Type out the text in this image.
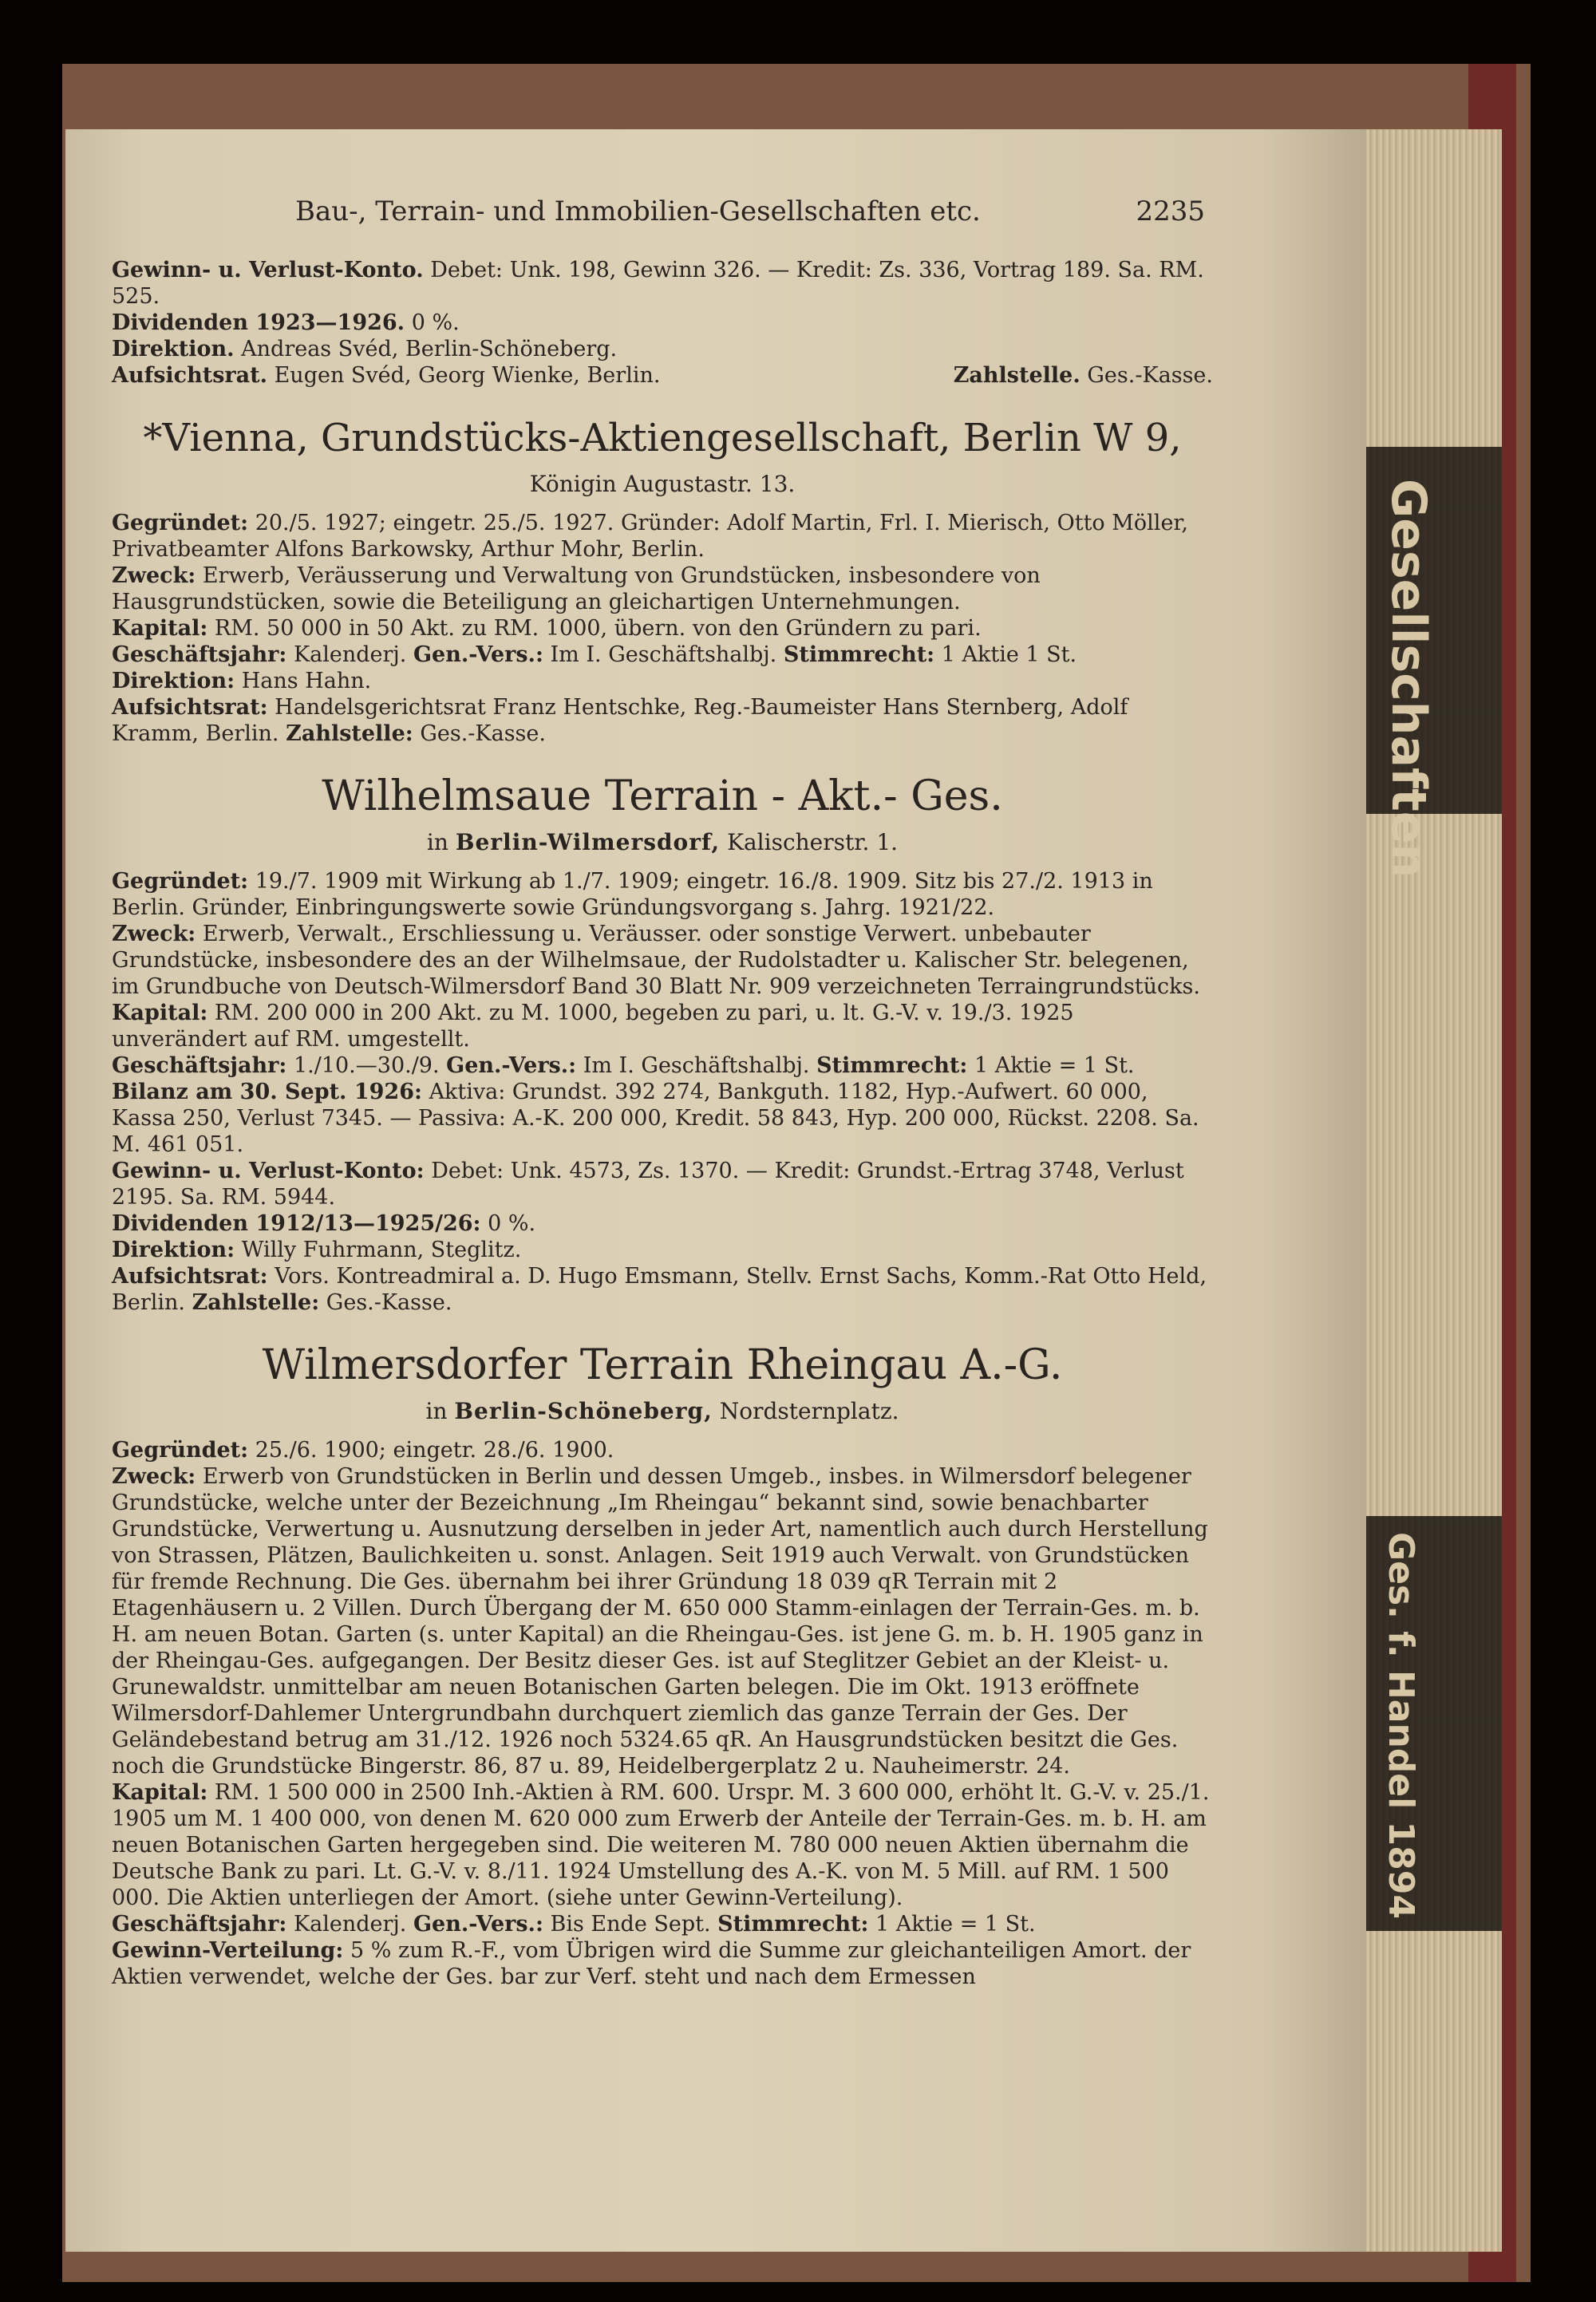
Gesellschaften
Ges. f. Handel 1894
Bau-, Terrain- und Immobilien-Gesellschaften etc.	2235

Gewinn- u. Verlust-Konto. Debet: Unk. 198, Gewinn 326. — Kredit: Zs. 336, Vortrag 189. Sa. RM. 525.

Dividenden 1923—1926. 0 %.

Direktion. Andreas Svéd, Berlin-Schöneberg.

Aufsichtsrat. Eugen Svéd, Georg Wienke, Berlin.	Zahlstelle. Ges.-Kasse.
*Vienna, Grundstücks-Aktiengesellschaft, Berlin W 9,
Königin Augustastr. 13.

Gegründet: 20./5. 1927; eingetr. 25./5. 1927. Gründer: Adolf Martin, Frl. I. Mierisch, Otto Möller, Privatbeamter Alfons Barkowsky, Arthur Mohr, Berlin.

Zweck: Erwerb, Veräusserung und Verwaltung von Grundstücken, insbesondere von Hausgrundstücken, sowie die Beteiligung an gleichartigen Unternehmungen.

Kapital: RM. 50 000 in 50 Akt. zu RM. 1000, übern. von den Gründern zu pari.

Geschäftsjahr: Kalenderj. Gen.-Vers.: Im I. Geschäftshalbj. Stimmrecht: 1 Aktie 1 St.

Direktion: Hans Hahn.

Aufsichtsrat: Handelsgerichtsrat Franz Hentschke, Reg.-Baumeister Hans Sternberg, Adolf Kramm, Berlin. Zahlstelle: Ges.-Kasse.

Wilhelmsaue Terrain - Akt.- Ges.
in Berlin-Wilmersdorf, Kalischerstr. 1.

Gegründet: 19./7. 1909 mit Wirkung ab 1./7. 1909; eingetr. 16./8. 1909. Sitz bis 27./2. 1913 in Berlin. Gründer, Einbringungswerte sowie Gründungsvorgang s. Jahrg. 1921/22.

Zweck: Erwerb, Verwalt., Erschliessung u. Veräusser. oder sonstige Verwert. unbebauter Grundstücke, insbesondere des an der Wilhelmsaue, der Rudolstadter u. Kalischer Str. belegenen, im Grundbuche von Deutsch-Wilmersdorf Band 30 Blatt Nr. 909 verzeichneten Terraingrundstücks.

Kapital: RM. 200 000 in 200 Akt. zu M. 1000, begeben zu pari, u. lt. G.-V. v. 19./3. 1925 unverändert auf RM. umgestellt.

Geschäftsjahr: 1./10.—30./9. Gen.-Vers.: Im I. Geschäftshalbj. Stimmrecht: 1 Aktie = 1 St.

Bilanz am 30. Sept. 1926: Aktiva: Grundst. 392 274, Bankguth. 1182, Hyp.-Aufwert. 60 000, Kassa 250, Verlust 7345. — Passiva: A.-K. 200 000, Kredit. 58 843, Hyp. 200 000, Rückst. 2208. Sa. M. 461 051.

Gewinn- u. Verlust-Konto: Debet: Unk. 4573, Zs. 1370. — Kredit: Grundst.-Ertrag 3748, Verlust 2195. Sa. RM. 5944.

Dividenden 1912/13—1925/26: 0 %.

Direktion: Willy Fuhrmann, Steglitz.

Aufsichtsrat: Vors. Kontreadmiral a. D. Hugo Emsmann, Stellv. Ernst Sachs, Komm.-Rat Otto Held, Berlin. Zahlstelle: Ges.-Kasse.

Wilmersdorfer Terrain Rheingau A.-G.
in Berlin-Schöneberg, Nordsternplatz.

Gegründet: 25./6. 1900; eingetr. 28./6. 1900.

Zweck: Erwerb von Grundstücken in Berlin und dessen Umgeb., insbes. in Wilmersdorf belegener Grundstücke, welche unter der Bezeichnung „Im Rheingau“ bekannt sind, sowie benachbarter Grundstücke, Verwertung u. Ausnutzung derselben in jeder Art, namentlich auch durch Herstellung von Strassen, Plätzen, Baulichkeiten u. sonst. Anlagen. Seit 1919 auch Verwalt. von Grundstücken für fremde Rechnung. Die Ges. übernahm bei ihrer Gründung 18 039 qR Terrain mit 2 Etagenhäusern u. 2 Villen. Durch Übergang der M. 650 000 Stamm-einlagen der Terrain-Ges. m. b. H. am neuen Botan. Garten (s. unter Kapital) an die Rheingau-Ges. ist jene G. m. b. H. 1905 ganz in der Rheingau-Ges. aufgegangen. Der Besitz dieser Ges. ist auf Steglitzer Gebiet an der Kleist- u. Grunewaldstr. unmittelbar am neuen Botanischen Garten belegen. Die im Okt. 1913 eröffnete Wilmersdorf-Dahlemer Untergrundbahn durchquert ziemlich das ganze Terrain der Ges. Der Geländebestand betrug am 31./12. 1926 noch 5324.65 qR. An Hausgrundstücken besitzt die Ges. noch die Grundstücke Bingerstr. 86, 87 u. 89, Heidelbergerplatz 2 u. Nauheimerstr. 24.

Kapital: RM. 1 500 000 in 2500 Inh.-Aktien à RM. 600. Urspr. M. 3 600 000, erhöht lt. G.-V. v. 25./1. 1905 um M. 1 400 000, von denen M. 620 000 zum Erwerb der Anteile der Terrain-Ges. m. b. H. am neuen Botanischen Garten hergegeben sind. Die weiteren M. 780 000 neuen Aktien übernahm die Deutsche Bank zu pari. Lt. G.-V. v. 8./11. 1924 Umstellung des A.-K. von M. 5 Mill. auf RM. 1 500 000. Die Aktien unterliegen der Amort. (siehe unter Gewinn-Verteilung).

Geschäftsjahr: Kalenderj. Gen.-Vers.: Bis Ende Sept. Stimmrecht: 1 Aktie = 1 St.

Gewinn-Verteilung: 5 % zum R.-F., vom Übrigen wird die Summe zur gleichanteiligen Amort. der Aktien verwendet, welche der Ges. bar zur Verf. steht und nach dem Ermessen
